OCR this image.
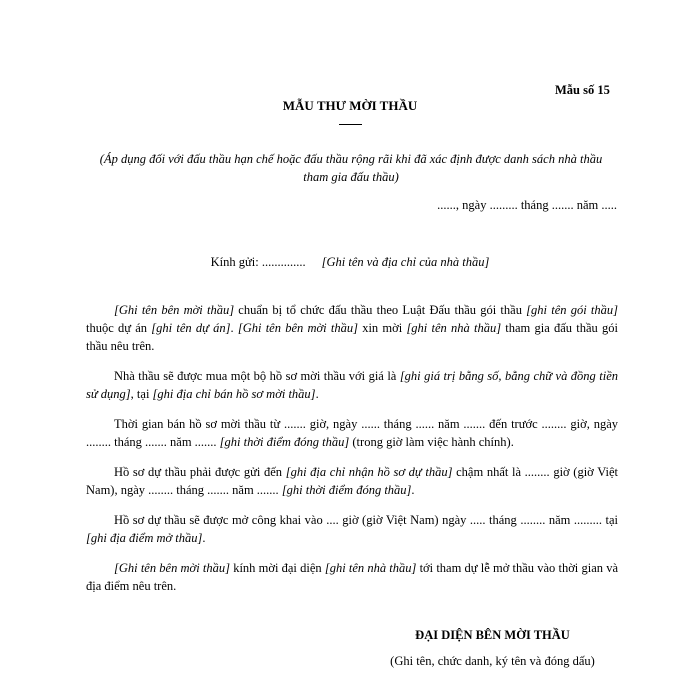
Mẫu số 15
MẪU THƯ MỜI THẦU
(Áp dụng đối với đấu thầu hạn chế hoặc đấu thầu rộng rãi khi đã xác định được danh sách nhà thầu tham gia đấu thầu)
......, ngày ......... tháng ....... năm .....
Kính gửi: .............. [Ghi tên và địa chỉ của nhà thầu]

[Ghi tên bên mời thầu] chuẩn bị tổ chức đấu thầu theo Luật Đấu thầu gói thầu [ghi tên gói thầu] thuộc dự án [ghi tên dự án]. [Ghi tên bên mời thầu] xin mời [ghi tên nhà thầu] tham gia đấu thầu gói thầu nêu trên.

Nhà thầu sẽ được mua một bộ hồ sơ mời thầu với giá là [ghi giá trị bằng số, bằng chữ và đồng tiền sử dụng], tại [ghi địa chỉ bán hồ sơ mời thầu].

Thời gian bán hồ sơ mời thầu từ ....... giờ, ngày ...... tháng ...... năm ....... đến trước ........ giờ, ngày ........ tháng ....... năm ....... [ghi thời điểm đóng thầu] (trong giờ làm việc hành chính).

Hồ sơ dự thầu phải được gửi đến [ghi địa chỉ nhận hồ sơ dự thầu] chậm nhất là ........ giờ (giờ Việt Nam), ngày ........ tháng ....... năm ....... [ghi thời điểm đóng thầu].

Hồ sơ dự thầu sẽ được mở công khai vào .... giờ (giờ Việt Nam) ngày ..... tháng ........ năm ......... tại [ghi địa điểm mở thầu].

[Ghi tên bên mời thầu] kính mời đại diện [ghi tên nhà thầu] tới tham dự lễ mở thầu vào thời gian và địa điểm nêu trên.

ĐẠI DIỆN BÊN MỜI THẦU
(Ghi tên, chức danh, ký tên và đóng dấu)
